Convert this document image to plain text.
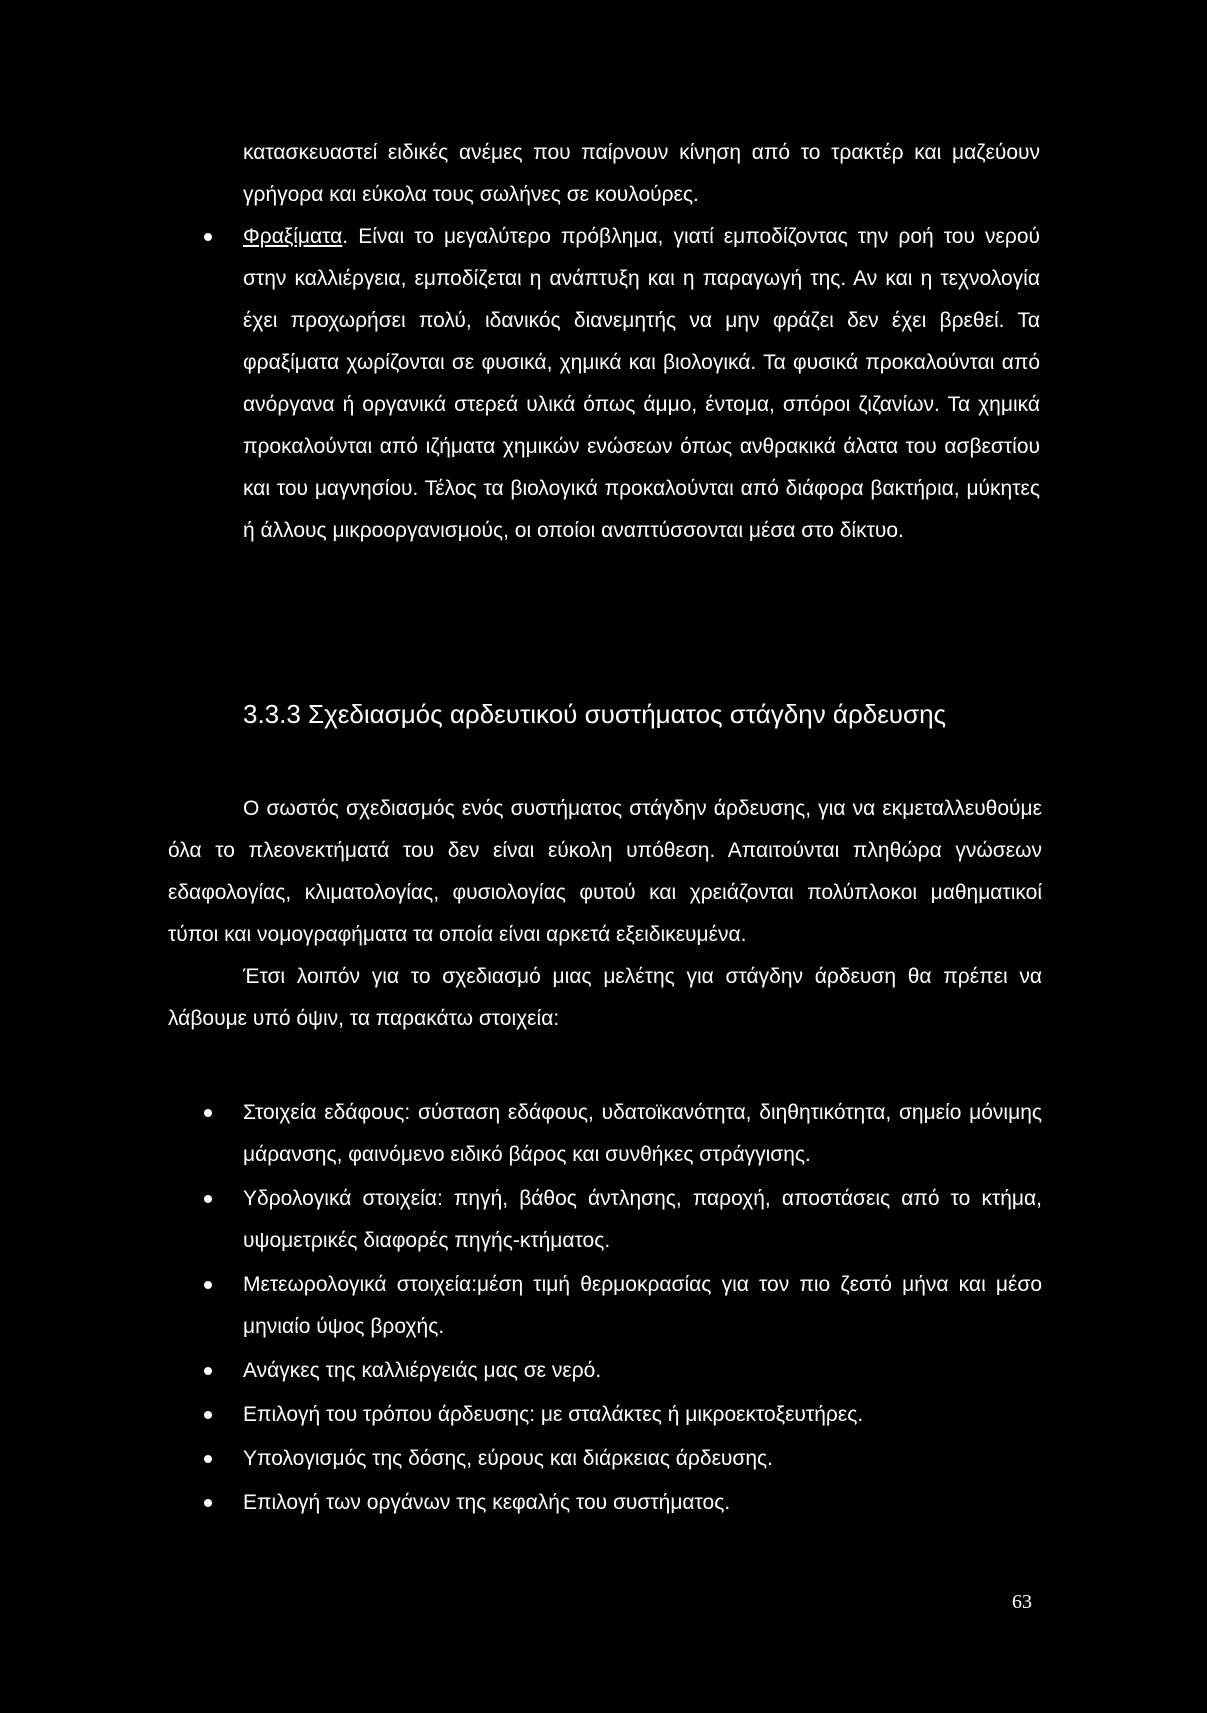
κατασκευαστεί ειδικές ανέμες που παίρνουν κίνηση από το τρακτέρ και μαζεύουν γρήγορα και εύκολα τους σωλήνες σε κουλούρες.

Φραξίματα. Είναι το μεγαλύτερο πρόβλημα, γιατί εμποδίζοντας την ροή του νερού στην καλλιέργεια, εμποδίζεται η ανάπτυξη και η παραγωγή της. Αν και η τεχνολογία έχει προχωρήσει πολύ, ιδανικός διανεμητής να μην φράζει δεν έχει βρεθεί. Τα φραξίματα χωρίζονται σε φυσικά, χημικά και βιολογικά. Τα φυσικά προκαλούνται από ανόργανα ή οργανικά στερεά υλικά όπως άμμο, έντομα, σπόροι ζιζανίων. Τα χημικά προκαλούνται από ιζήματα χημικών ενώσεων όπως ανθρακικά άλατα του ασβεστίου και του μαγνησίου. Τέλος τα βιολογικά προκαλούνται από διάφορα βακτήρια, μύκητες ή άλλους μικροοργανισμούς, οι οποίοι αναπτύσσονται μέσα στο δίκτυο.
3.3.3 Σχεδιασμός αρδευτικού συστήματος στάγδην άρδευσης

Ο σωστός σχεδιασμός ενός συστήματος στάγδην άρδευσης, για να εκμεταλλευθούμε όλα το πλεονεκτήματά του δεν είναι εύκολη υπόθεση. Απαιτούνται πληθώρα γνώσεων εδαφολογίας, κλιματολογίας, φυσιολογίας φυτού και χρειάζονται πολύπλοκοι μαθηματικοί τύποι και νομογραφήματα τα οποία είναι αρκετά εξειδικευμένα.

Έτσι λοιπόν για το σχεδιασμό μιας μελέτης για στάγδην άρδευση θα πρέπει να λάβουμε υπό όψιν, τα παρακάτω στοιχεία:

Στοιχεία εδάφους: σύσταση εδάφους, υδατοϊκανότητα, διηθητικότητα, σημείο μόνιμης μάρανσης, φαινόμενο ειδικό βάρος και συνθήκες στράγγισης.
Υδρολογικά στοιχεία: πηγή, βάθος άντλησης, παροχή, αποστάσεις από το κτήμα, υψομετρικές διαφορές πηγής-κτήματος.
Μετεωρολογικά στοιχεία:μέση τιμή θερμοκρασίας για τον πιο ζεστό μήνα και μέσο μηνιαίο ύψος βροχής.
Ανάγκες της καλλιέργειάς μας σε νερό.
Επιλογή του τρόπου άρδευσης: με σταλάκτες ή μικροεκτοξευτήρες.
Υπολογισμός της δόσης, εύρους και διάρκειας άρδευσης.
Επιλογή των οργάνων της κεφαλής του συστήματος.
63
